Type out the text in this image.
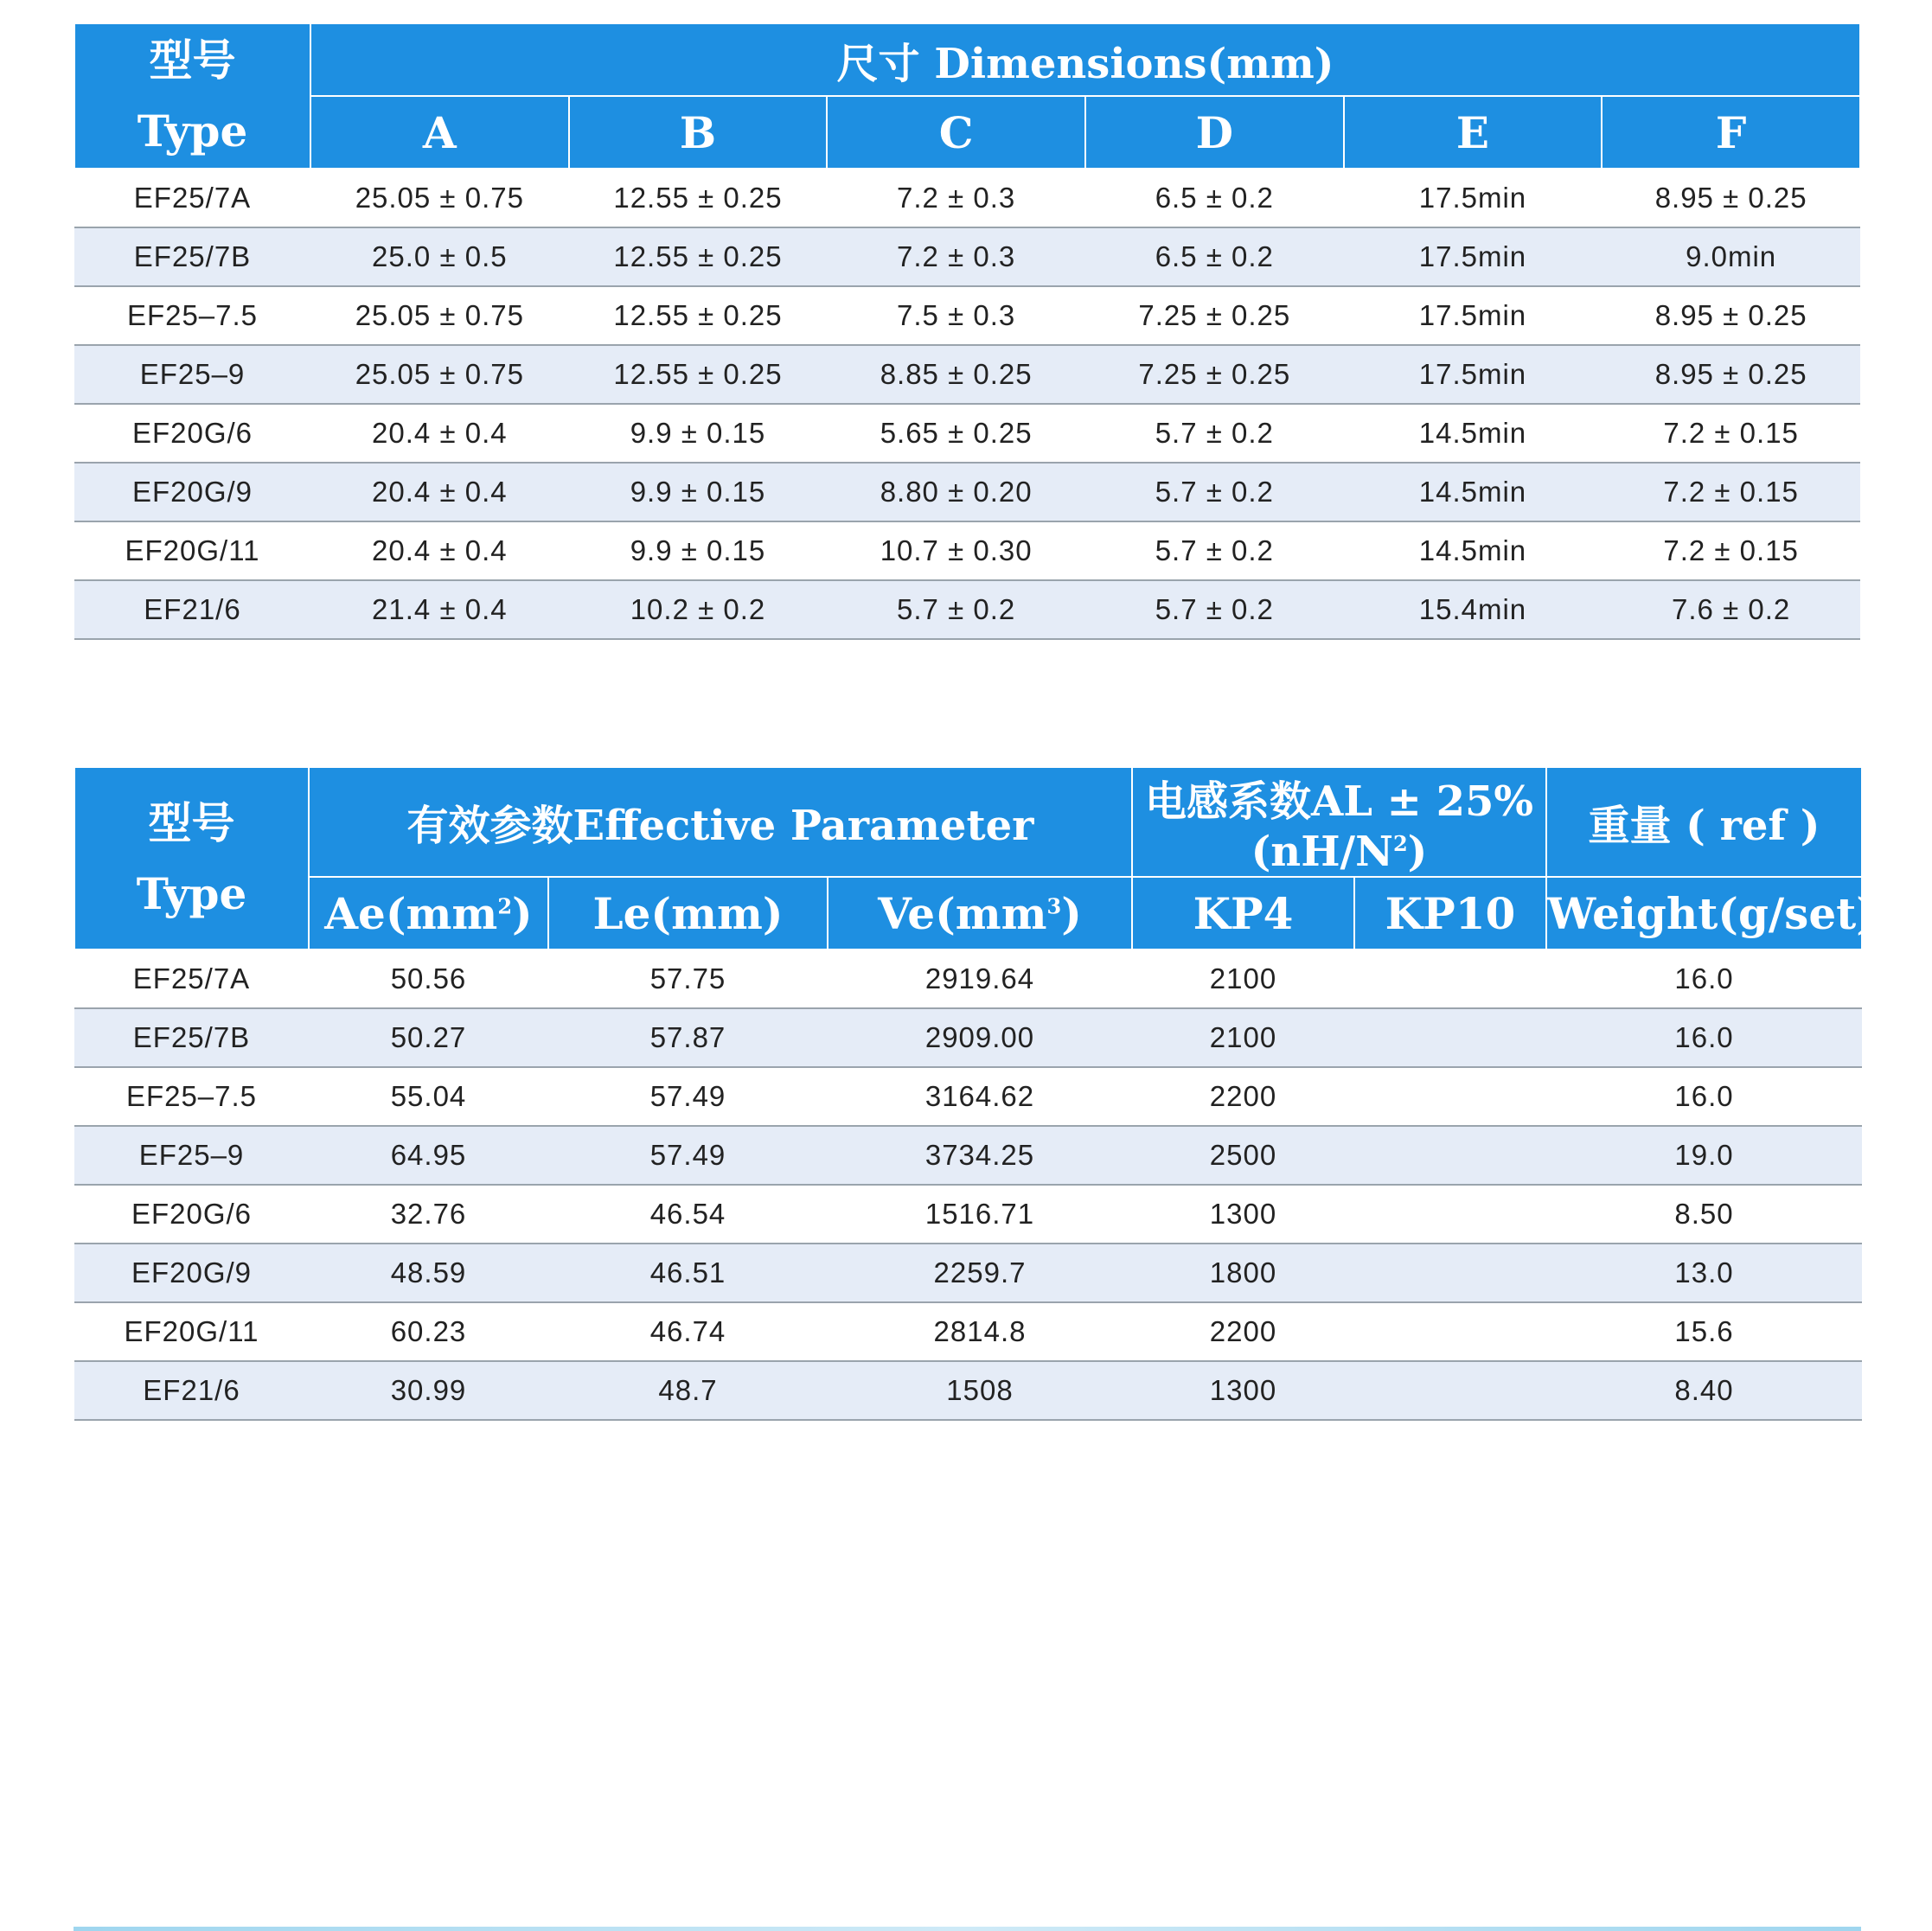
型号
Type	尺寸 Dimensions(mm)					
	A	B	C	D	E	F
EF25/7A	25.05 ± 0.75	12.55 ± 0.25	7.2 ± 0.3	6.5 ± 0.2	17.5min	8.95 ± 0.25
EF25/7B	25.0 ± 0.5	12.55 ± 0.25	7.2 ± 0.3	6.5 ± 0.2	17.5min	9.0min
EF25–7.5	25.05 ± 0.75	12.55 ± 0.25	7.5 ± 0.3	7.25 ± 0.25	17.5min	8.95 ± 0.25
EF25–9	25.05 ± 0.75	12.55 ± 0.25	8.85 ± 0.25	7.25 ± 0.25	17.5min	8.95 ± 0.25
EF20G/6	20.4 ± 0.4	9.9 ± 0.15	5.65 ± 0.25	5.7 ± 0.2	14.5min	7.2 ± 0.15
EF20G/9	20.4 ± 0.4	9.9 ± 0.15	8.80 ± 0.20	5.7 ± 0.2	14.5min	7.2 ± 0.15
EF20G/11	20.4 ± 0.4	9.9 ± 0.15	10.7 ± 0.30	5.7 ± 0.2	14.5min	7.2 ± 0.15
EF21/6	21.4 ± 0.4	10.2 ± 0.2	5.7 ± 0.2	5.7 ± 0.2	15.4min	7.6 ± 0.2
型号
Type	有效参数Effective Parameter			电感系数AL ± $25\%(nH/N^2)$		重量 ( ref )
	$Ae(mm^2)$	Le(mm)	$Ve(mm^3)$	KP4	KP10	Weight(g/set)
EF25/7A	50.56	57.75	2919.64	2100		16.0
EF25/7B	50.27	57.87	2909.00	2100		16.0
EF25–7.5	55.04	57.49	3164.62	2200		16.0
EF25–9	64.95	57.49	3734.25	2500		19.0
EF20G/6	32.76	46.54	1516.71	1300		8.50
EF20G/9	48.59	46.51	2259.7	1800		13.0
EF20G/11	60.23	46.74	2814.8	2200		15.6
EF21/6	30.99	48.7	1508	1300		8.40
